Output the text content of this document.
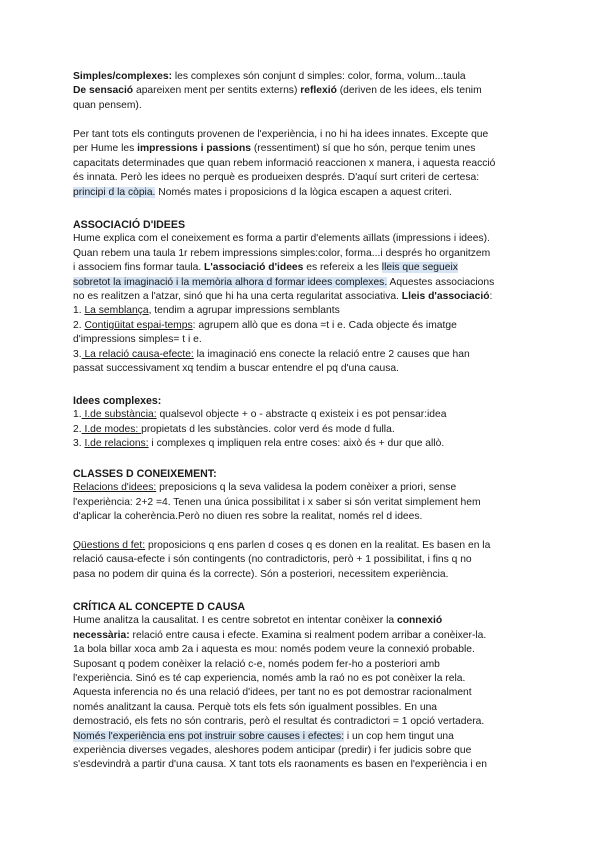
Simples/complexes: les complexes són conjunt d simples: color, forma, volum...taula
De sensació apareixen ment per sentits externs) reflexió (deriven de les idees, els tenim
quan pensem).
Per tant tots els continguts provenen de l'experiència, i no hi ha idees innates. Excepte que
per Hume les impressions i passions (ressentiment) sí que ho són, perque tenim unes
capacitats determinades que quan rebem informació reaccionen x manera, i aquesta reacció
és innata. Però les idees no perquè es produeixen després. D'aquí surt criteri de certesa:
principi d la còpia. Només mates i proposicions d la lògica escapen a aquest criteri.
ASSOCIACIÓ D'IDEES
Hume explica com el coneixement es forma a partir d'elements aïllats (impressions i idees).
Quan rebem una taula 1r rebem impressions simples:color, forma...i després ho organitzem
i associem fins formar taula. L'associació d'idees es refereix a les lleis que segueix
sobretot la imaginació i la memòria alhora d formar idees complexes. Aquestes associacions
no es realitzen a l'atzar, sinó que hi ha una certa regularitat associativa. Lleis d'associació:
1. La semblança, tendim a agrupar impressions semblants
2. Contigüitat espai-temps: agrupem allò que es dona =t i e. Cada objecte és imatge
d'impressions simples= t i e.
3. La relació causa-efecte: la imaginació ens conecte la relació entre 2 causes que han
passat successivament xq tendim a buscar entendre el pq d'una causa.
Idees complexes:
1. I.de substància: qualsevol objecte + o - abstracte q existeix i es pot pensar:idea
2. I.de modes: propietats d les substàncies. color verd és mode d fulla.
3. I.de relacions: i complexes q impliquen rela entre coses: això és + dur que allò.
CLASSES D CONEIXEMENT:
Relacions d'idees: preposicions q la seva validesa la podem conèixer a priori, sense
l'experiència: 2+2 =4. Tenen una única possibilitat i x saber si són veritat simplement hem
d'aplicar la coherència.Però no diuen res sobre la realitat, només rel d idees.
Qüestions d fet: proposicions q ens parlen d coses q es donen en la realitat. Es basen en la
relació causa-efecte i són contingents (no contradictoris, però + 1 possibilitat, i fins q no
pasa no podem dir quina és la correcte). Són a posteriori, necessitem experiència.
CRÍTICA AL CONCEPTE D CAUSA
Hume analitza la causalitat. I es centre sobretot en intentar conèixer la connexió
necessària: relació entre causa i efecte. Examina si realment podem arribar a conèixer-la.
1a bola billar xoca amb 2a i aquesta es mou: només podem veure la connexió probable.
Suposant q podem conèixer la relació c-e, només podem fer-ho a posteriori amb
l'experiència. Sinó es té cap experiencia, només amb la raó no es pot conèixer la rela.
Aquesta inferencia no és una relació d'idees, per tant no es pot demostrar racionalment
només analitzant la causa. Perquè tots els fets són igualment possibles. En una
demostració, els fets no són contraris, però el resultat és contradictori = 1 opció vertadera.
Només l'experiència ens pot instruir sobre causes i efectes: i un cop hem tingut una
experiència diverses vegades, aleshores podem anticipar (predir) i fer judicis sobre que
s'esdevindrà a partir d'una causa. X tant tots els raonaments es basen en l'experiència i en
